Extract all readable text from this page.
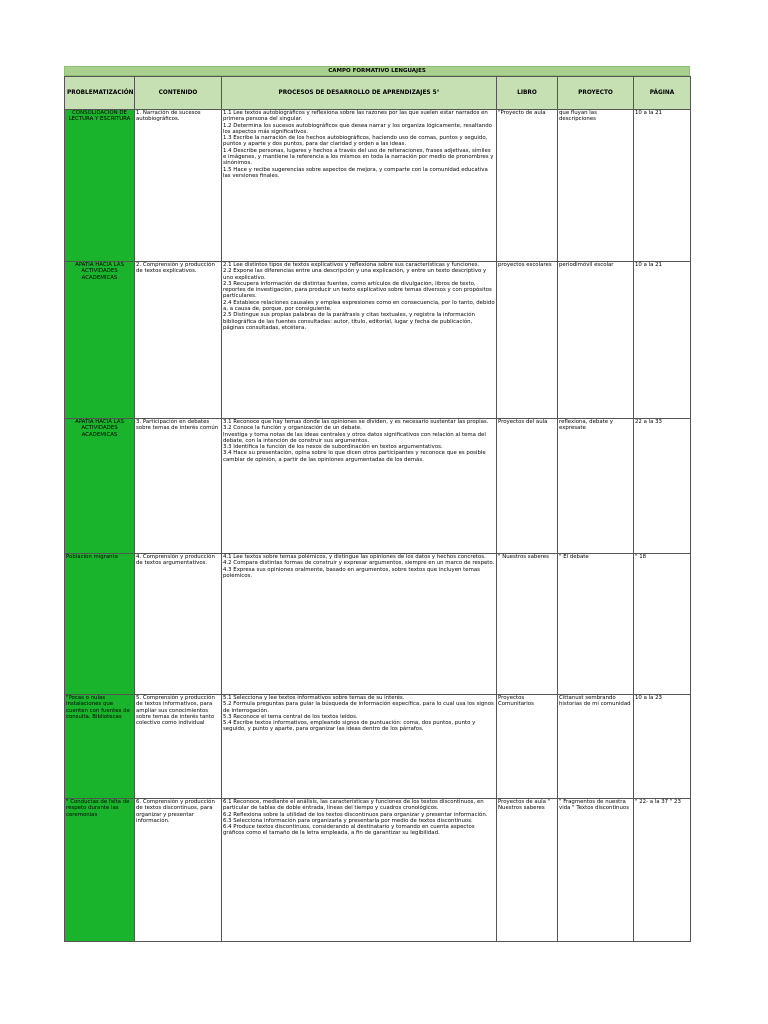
CAMPO FORMATIVO LENGUAJES
PROBLEMATIZACIÓN	CONTENIDO	PROCESOS DE DESARROLLO DE APRENDIZAJES 5°	LIBRO	PROYECTO	PÁGINA
CONSOLIDACIÓN DE LECTURA Y ESCRITURA	1. Narración de sucesos autobiográficos.	1.1 Lee textos autobiográficos y reflexiona sobre las razones por las que suelen estar narrados en primera persona del singular.
1.2 Determina los sucesos autobiográficos que desea narrar y los organiza lógicamente, resaltando los aspectos más significativos.
1.3 Escribe la narración de los hechos autobiográficos, haciendo uso de comas, puntos y seguido, puntos y aparte y dos puntos, para dar claridad y orden a las ideas.
1.4 Describe personas, lugares y hechos a través del uso de reiteraciones, frases adjetivas, símiles e imágenes, y mantiene la referencia a los mismos en toda la narración por medio de pronombres y sinónimos.
1.5 Hace y recibe sugerencias sobre aspectos de mejora, y comparte con la comunidad educativa las versiones finales.	"Proyecto de aula	que fluyan las descripciones	10 a la 21
APATIA HACIA LAS ACTIVIDADES ACADEMICAS	2. Comprensión y producción de textos explicativos.	2.1 Lee distintos tipos de textos explicativos y reflexiona sobre sus características y funciones.
2.2 Expone las diferencias entre una descripción y una explicación, y entre un texto descriptivo y uno explicativo.
2.3 Recupera información de distintas fuentes, como artículos de divulgación, libros de texto, reportes de investigación, para producir un texto explicativo sobre temas diversos y con propósitos particulares.
2.4 Establece relaciones causales y emplea expresiones como en consecuencia, por lo tanto, debido a, a causa de, porque, por consiguiente.
2.5 Distingue sus propias palabras de la paráfrasis y citas textuales, y registra la información bibliográfica de las fuentes consultadas: autor, título, editorial, lugar y fecha de publicación, páginas consultadas, etcétera.	proyectos escolares	periodimóvil escolar	10 a la 21
APATIA HACIA LAS ACTIVIDADES ACADEMICAS	3. Participación en debates sobre temas de interés común	3.1 Reconoce que hay temas donde las opiniones se dividen, y es necesario sustentar las propias.
3.2 Conoce la función y organización de un debate.
Investiga y toma notas de las ideas centrales y otros datos significativos con relación al tema del debate, con la intención de construir sus argumentos.
3.3 Identifica la función de los nexos de subordinación en textos argumentativos.
3.4 Hace su presentación, opina sobre lo que dicen otros participantes y reconoce que es posible cambiar de opinión, a partir de las opiniones argumentadas de los demás.	Proyectos del aula	reflexiona, debate y expresate	22 a la 33
Población migrante	4. Comprensión y producción de textos argumentativos.	4.1 Lee textos sobre temas polémicos, y distingue las opiniones de los datos y hechos concretos.
4.2 Compara distintas formas de construir y expresar argumentos, siempre en un marco de respeto.
4.3 Expresa sus opiniones oralmente, basado en argumentos, sobre textos que incluyen temas polémicos.	" Nuestros saberes	" El debate	" 18
"Pocas o nulas instalaciones que cuenten con fuentes de consulta. Bibliotecas	5. Comprensión y producción de textos informativos, para ampliar sus conocimientos sobre temas de interés tanto colectivo como individual	5.1 Selecciona y lee textos informativos sobre temas de su interés.
5.2 Formula preguntas para guiar la búsqueda de información específica, para lo cual usa los signos de interrogación.
5.3 Reconoce el tema central de los textos leídos.
5.4 Escribe textos informativos, empleando signos de puntuación: coma, dos puntos, punto y seguido, y punto y aparte, para organizar las ideas dentro de los párrafos.	Proyectos Comunitarios	Cittanust sembrando historias de mi comunidad	10 a la 23
" Conductas de falta de respeto durante las ceremonias	6. Comprensión y producción de textos discontinuos, para organizar y presentar información.	6.1 Reconoce, mediante el análisis, las características y funciones de los textos discontinuos, en particular de tablas de doble entrada, líneas del tiempo y cuadros cronológicos.
6.2 Reflexiona sobre la utilidad de los textos discontinuos para organizar y presentar información.
6.3 Selecciona información para organizarla y presentarla por medio de textos discontinuos.
6.4 Produce textos discontinuos, considerando al destinatario y tomando en cuenta aspectos gráficos como el tamaño de la letra empleada, a fin de garantizar su legibilidad.	Proyectos de aula " Nuestros saberes	" Fragmentos de nuestra vida " Textos discontinuos	" 22- a la 37 " 23
